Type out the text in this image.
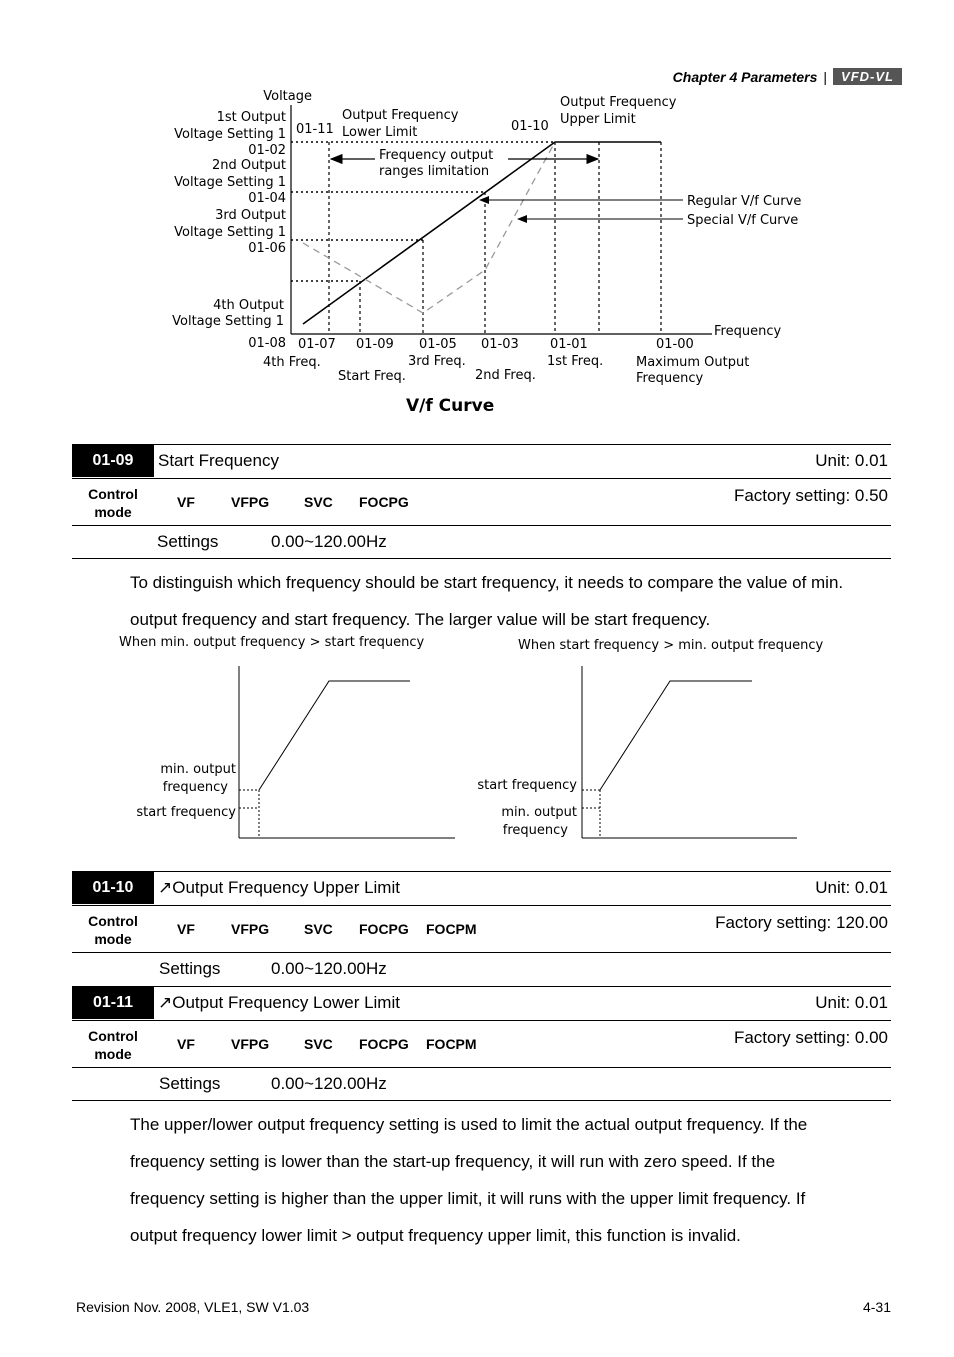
Chapter 4 Parameters |	VFD-VL
Voltage
1st Output
Voltage Setting 1
01-02
2nd Output
Voltage Setting 1
01-04
3rd Output
Voltage Setting 1
01-06
4th Output
Voltage Setting 1
01-08
01-11
Output Frequency
Lower Limit	01-10
Output Frequency
Upper Limit
Frequency output
ranges limitation
Regular V/f Curve
Special V/f Curve
Frequency
01-07 01-09 01-05 01-03 01-01	01-00
4th Freq.
Start Freq.
3rd Freq.
2nd Freq.
1st Freq.	Maximum Output
Frequency
V/f Curve
01-09	Start Frequency	Unit: 0.01
Control
mode
VF	VFPG SVC FOCPG	Factory setting: 0.50
Settings	0.00~120.00Hz
To distinguish which frequency should be start frequency, it needs to compare the value of min.
output frequency and start frequency. The larger value will be start frequency.
When min. output frequency > start frequency
min. output
frequency
start frequency
When start frequency > min. output frequency
start frequency
min. output
frequency
01-10	↗Output Frequency Upper Limit	Unit: 0.01
Control
mode
VF	VFPG SVC FOCPG FOCPM	Factory setting: 120.00
Settings	0.00~120.00Hz
01-11	↗Output Frequency Lower Limit	Unit: 0.01
Control
mode
VF	VFPG SVC FOCPG FOCPM	Factory setting: 0.00
Settings	0.00~120.00Hz
The upper/lower output frequency setting is used to limit the actual output frequency. If the
frequency setting is lower than the start-up frequency, it will run with zero speed. If the
frequency setting is higher than the upper limit, it will runs with the upper limit frequency. If
output frequency lower limit > output frequency upper limit, this function is invalid.
Revision Nov. 2008, VLE1, SW V1.03	4-31
